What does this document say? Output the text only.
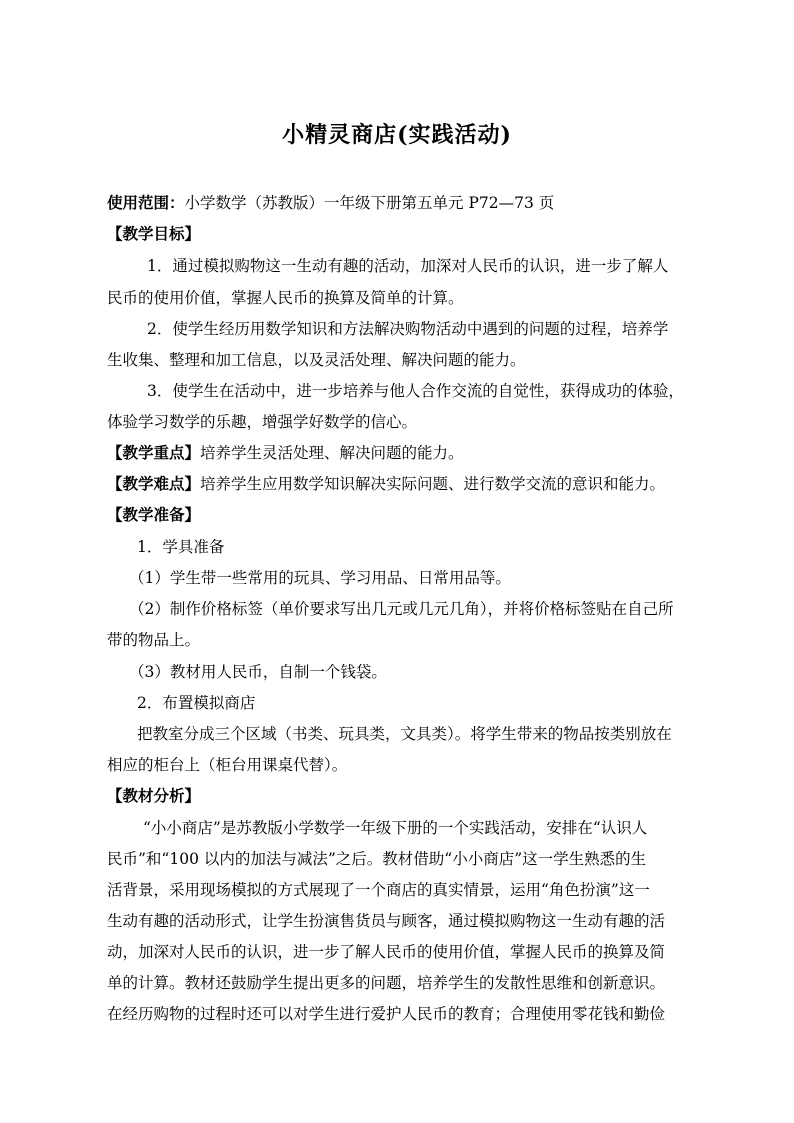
小精灵商店(实践活动)
使用范围：小学数学（苏教版）一年级下册第五单元 P72—73 页
【教学目标】
1．通过模拟购物这一生动有趣的活动，加深对人民币的认识，进一步了解人
民币的使用价值，掌握人民币的换算及简单的计算。
2．使学生经历用数学知识和方法解决购物活动中遇到的问题的过程，培养学
生收集、整理和加工信息，以及灵活处理、解决问题的能力。
3．使学生在活动中，进一步培养与他人合作交流的自觉性，获得成功的体验，
体验学习数学的乐趣，增强学好数学的信心。
【教学重点】培养学生灵活处理、解决问题的能力。
【教学难点】培养学生应用数学知识解决实际问题、进行数学交流的意识和能力。
【教学准备】
1．学具准备
（1）学生带一些常用的玩具、学习用品、日常用品等。
（2）制作价格标签（单价要求写出几元或几元几角），并将价格标签贴在自己所
带的物品上。
（3）教材用人民币，自制一个钱袋。
2．布置模拟商店
把教室分成三个区域（书类、玩具类，文具类）。将学生带来的物品按类别放在
相应的柜台上（柜台用课桌代替）。
【教材分析】
“小小商店”是苏教版小学数学一年级下册的一个实践活动，安排在“认识人
民币”和“100 以内的加法与减法”之后。教材借助“小小商店”这一学生熟悉的生
活背景，采用现场模拟的方式展现了一个商店的真实情景，运用“角色扮演”这一
生动有趣的活动形式，让学生扮演售货员与顾客，通过模拟购物这一生动有趣的活
动，加深对人民币的认识，进一步了解人民币的使用价值，掌握人民币的换算及简
单的计算。教材还鼓励学生提出更多的问题，培养学生的发散性思维和创新意识。
在经历购物的过程时还可以对学生进行爱护人民币的教育；合理使用零花钱和勤俭
